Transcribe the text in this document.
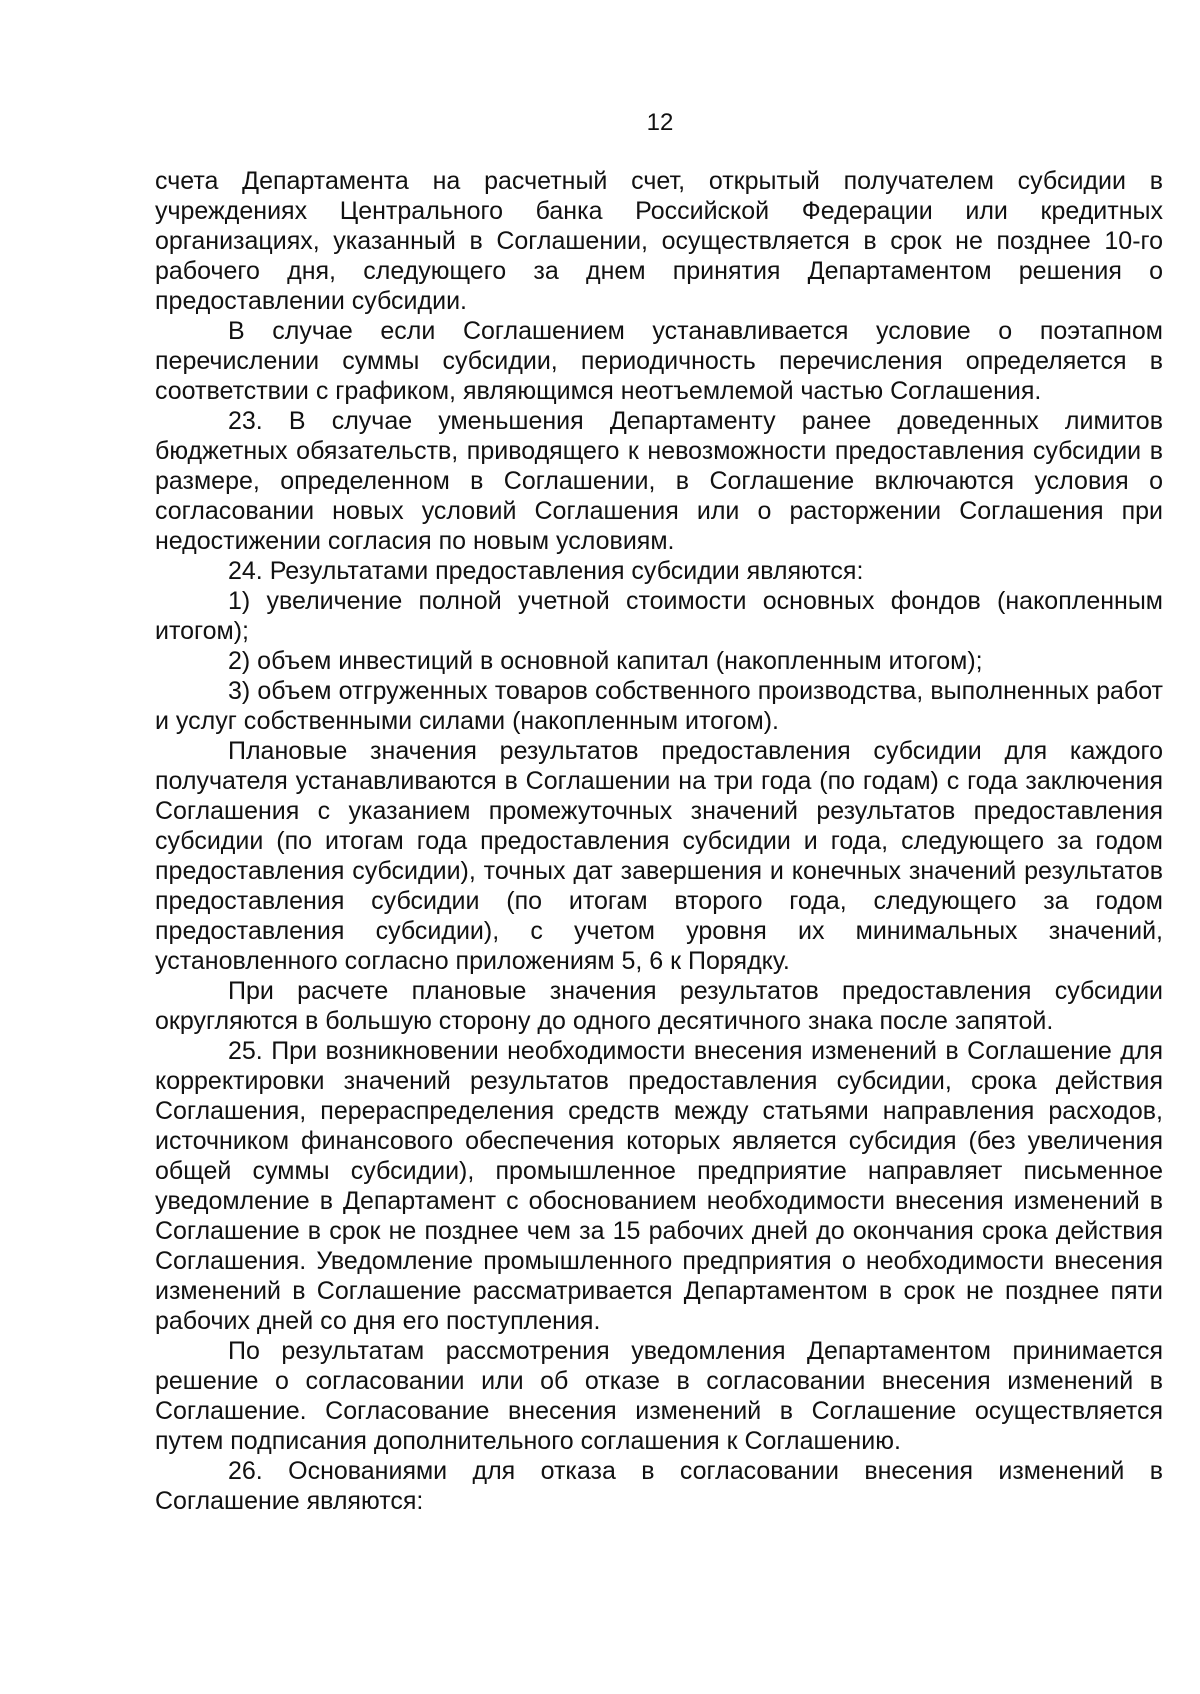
12

счета Департамента на расчетный счет, открытый получателем субсидии в учреждениях Центрального банка Российской Федерации или кредитных организациях, указанный в Соглашении, осуществляется в срок не позднее 10-го рабочего дня, следующего за днем принятия Департаментом решения о предоставлении субсидии.

В случае если Соглашением устанавливается условие о поэтапном перечислении суммы субсидии, периодичность перечисления определяется в соответствии с графиком, являющимся неотъемлемой частью Соглашения.

23. В случае уменьшения Департаменту ранее доведенных лимитов бюджетных обязательств, приводящего к невозможности предоставления субсидии в размере, определенном в Соглашении, в Соглашение включаются условия о согласовании новых условий Соглашения или о расторжении Соглашения при недостижении согласия по новым условиям.

24. Результатами предоставления субсидии являются:

1) увеличение полной учетной стоимости основных фондов (накопленным итогом);

2) объем инвестиций в основной капитал (накопленным итогом);

3) объем отгруженных товаров собственного производства, выполненных работ и услуг собственными силами (накопленным итогом).

Плановые значения результатов предоставления субсидии для каждого получателя устанавливаются в Соглашении на три года (по годам) с года заключения Соглашения с указанием промежуточных значений результатов предоставления субсидии (по итогам года предоставления субсидии и года, следующего за годом предоставления субсидии), точных дат завершения и конечных значений результатов предоставления субсидии (по итогам второго года, следующего за годом предоставления субсидии), с учетом уровня их минимальных значений, установленного согласно приложениям 5, 6 к Порядку.

При расчете плановые значения результатов предоставления субсидии округляются в большую сторону до одного десятичного знака после запятой.

25. При возникновении необходимости внесения изменений в Соглашение для корректировки значений результатов предоставления субсидии, срока действия Соглашения, перераспределения средств между статьями направления расходов, источником финансового обеспечения которых является субсидия (без увеличения общей суммы субсидии), промышленное предприятие направляет письменное уведомление в Департамент с обоснованием необходимости внесения изменений в Соглашение в срок не позднее чем за 15 рабочих дней до окончания срока действия Соглашения. Уведомление промышленного предприятия о необходимости внесения изменений в Соглашение рассматривается Департаментом в срок не позднее пяти рабочих дней со дня его поступления.

По результатам рассмотрения уведомления Департаментом принимается решение о согласовании или об отказе в согласовании внесения изменений в Соглашение. Согласование внесения изменений в Соглашение осуществляется путем подписания дополнительного соглашения к Соглашению.

26. Основаниями для отказа в согласовании внесения изменений в Соглашение являются:
